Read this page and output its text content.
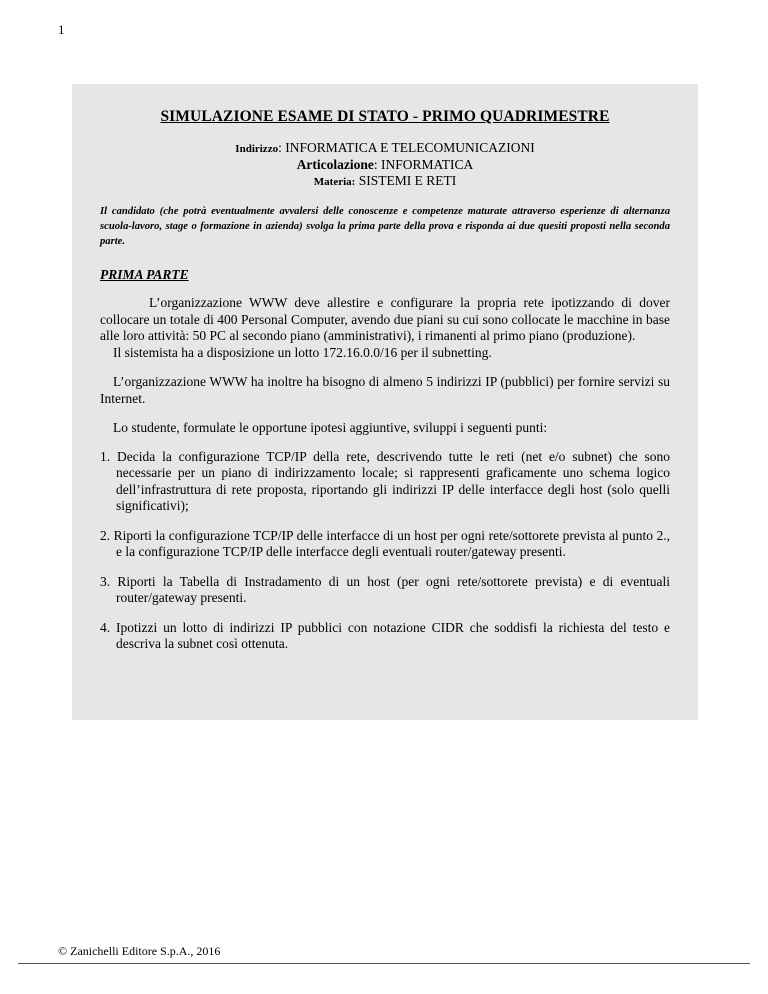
1
SIMULAZIONE ESAME DI STATO - PRIMO QUADRIMESTRE
Indirizzo: INFORMATICA E TELECOMUNICAZIONI
Articolazione: INFORMATICA
Materia: SISTEMI E RETI

Il candidato (che potrà eventualmente avvalersi delle conoscenze e competenze maturate attraverso esperienze di alternanza scuola-lavoro, stage o formazione in azienda) svolga la prima parte della prova e risponda ai due quesiti proposti nella seconda parte.

PRIMA PARTE

L’organizzazione WWW deve allestire e configurare la propria rete ipotizzando di dover collocare un totale di 400 Personal Computer, avendo due piani su cui sono collocate le macchine in base alle loro attività: 50 PC al secondo piano (amministrativi), i rimanenti al primo piano (produzione).

Il sistemista ha a disposizione un lotto 172.16.0.0/16 per il subnetting.

L’organizzazione WWW ha inoltre ha bisogno di almeno 5 indirizzi IP (pubblici) per fornire servizi su Internet.

Lo studente, formulate le opportune ipotesi aggiuntive, sviluppi i seguenti punti:

1. Decida la configurazione TCP/IP della rete, descrivendo tutte le reti (net e/o subnet) che sono necessarie per un piano di indirizzamento locale; si rappresenti graficamente uno schema logico dell’infrastruttura di rete proposta, riportando gli indirizzi IP delle interfacce degli host (solo quelli significativi);
2. Riporti la configurazione TCP/IP delle interfacce di un host per ogni rete/sottorete prevista al punto 2., e la configurazione TCP/IP delle interfacce degli eventuali router/gateway presenti.
3. Riporti la Tabella di Instradamento di un host (per ogni rete/sottorete prevista) e di eventuali router/gateway presenti.
4. Ipotizzi un lotto di indirizzi IP pubblici con notazione CIDR che soddisfi la richiesta del testo e descriva la subnet così ottenuta.
© Zanichelli Editore S.p.A., 2016
